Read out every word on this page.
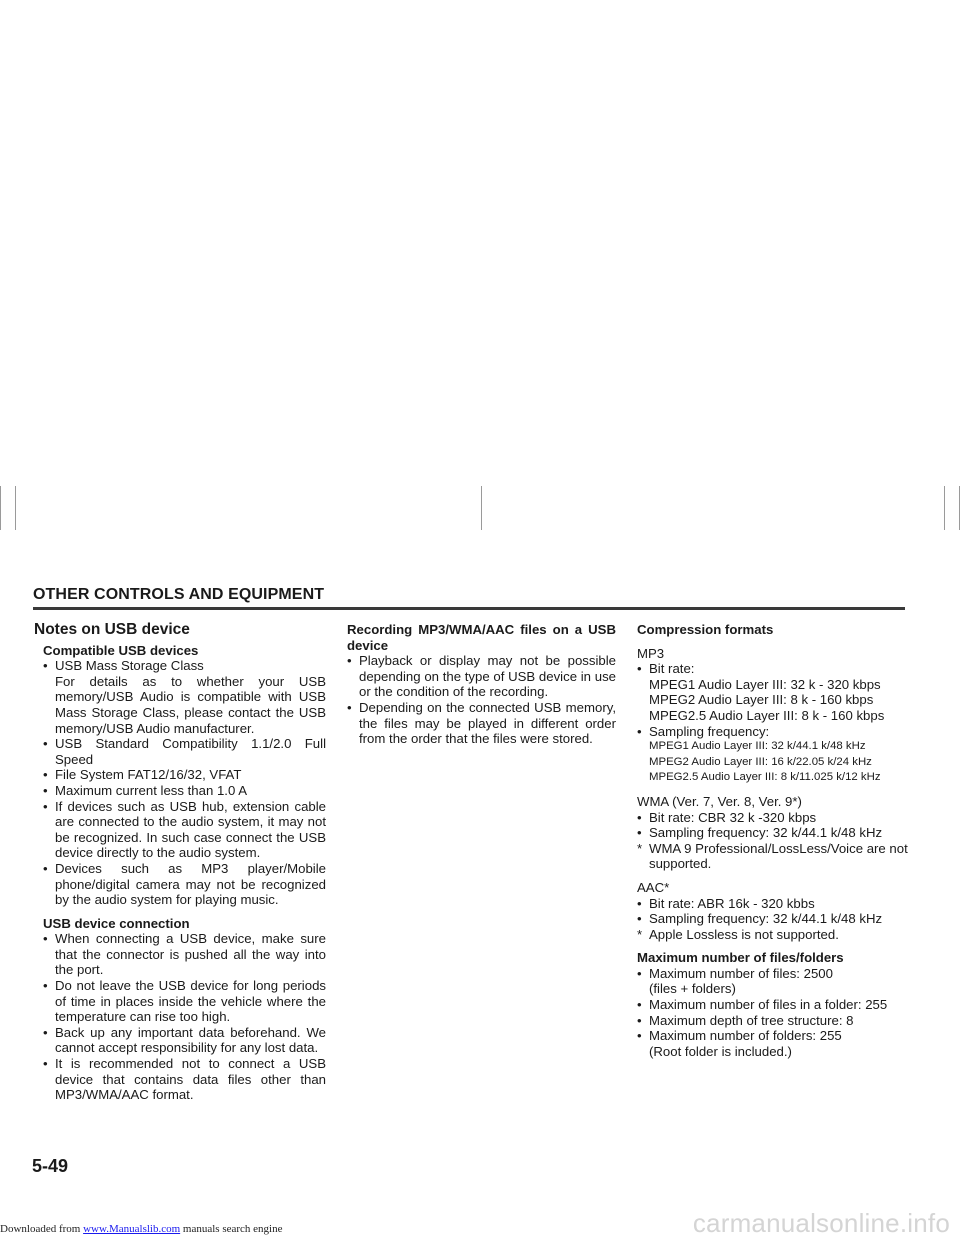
OTHER CONTROLS AND EQUIPMENT
Notes on USB device
Compatible USB devices
• USB Mass Storage Class
For details as to whether your USB memory/USB Audio is compatible with USB Mass Storage Class, please contact the USB memory/USB Audio manufacturer.
• USB Standard Compatibility 1.1/2.0 Full Speed
• File System FAT12/16/32, VFAT
• Maximum current less than 1.0 A
• If devices such as USB hub, extension cable are connected to the audio system, it may not be recognized. In such case connect the USB device directly to the audio system.
• Devices such as MP3 player/Mobile phone/digital camera may not be recognized by the audio system for playing music.
USB device connection
• When connecting a USB device, make sure that the connector is pushed all the way into the port.
• Do not leave the USB device for long periods of time in places inside the vehicle where the temperature can rise too high.
• Back up any important data beforehand. We cannot accept responsibility for any lost data.
• It is recommended not to connect a USB device that contains data files other than MP3/WMA/AAC format.
Recording MP3/WMA/AAC files on a USB device
• Playback or display may not be possible depending on the type of USB device in use or the condition of the recording.
• Depending on the connected USB memory, the files may be played in different order from the order that the files were stored.
Compression formats
MP3
• Bit rate:
MPEG1 Audio Layer III: 32 k - 320 kbps
MPEG2 Audio Layer III: 8 k - 160 kbps
MPEG2.5 Audio Layer III: 8 k - 160 kbps
• Sampling frequency:
MPEG1 Audio Layer III: 32 k/44.1 k/48 kHz
MPEG2 Audio Layer III: 16 k/22.05 k/24 kHz
MPEG2.5 Audio Layer III: 8 k/11.025 k/12 kHz
WMA (Ver. 7, Ver. 8, Ver. 9*)
• Bit rate: CBR 32 k -320 kbps
• Sampling frequency: 32 k/44.1 k/48 kHz
* WMA 9 Professional/LossLess/Voice are not supported.
AAC*
• Bit rate: ABR 16k - 320 kbbs
• Sampling frequency: 32 k/44.1 k/48 kHz
* Apple Lossless is not supported.
Maximum number of files/folders
• Maximum number of files: 2500
(files + folders)
• Maximum number of files in a folder: 255
• Maximum depth of tree structure: 8
• Maximum number of folders: 255
(Root folder is included.)
5-49
Downloaded from www.Manualslib.com manuals search engine	carmanualsonline.info
